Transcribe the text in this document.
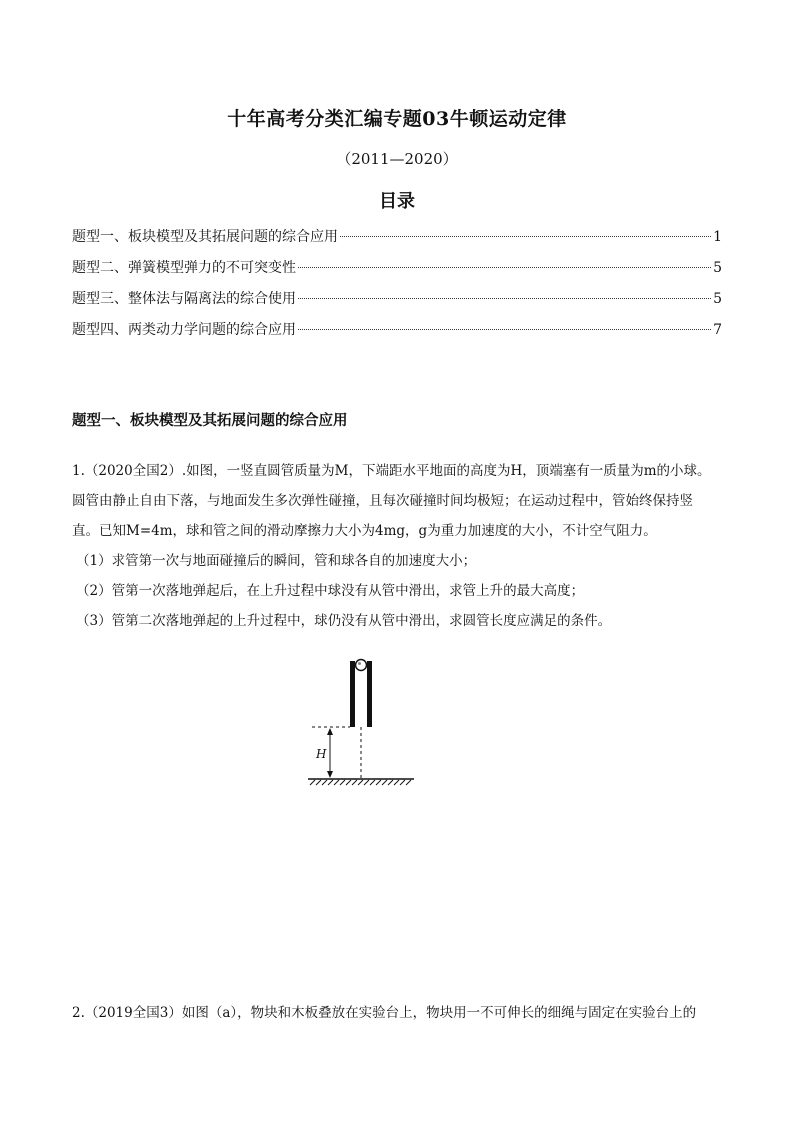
十年高考分类汇编专题03牛顿运动定律
（2011—2020）
目录
题型一、板块模型及其拓展问题的综合应用	1
题型二、弹簧模型弹力的不可突变性	5
题型三、整体法与隔离法的综合使用	5
题型四、两类动力学问题的综合应用	7
题型一、板块模型及其拓展问题的综合应用

1.（2020全国2）.如图，一竖直圆管质量为M，下端距水平地面的高度为H，顶端塞有一质量为m的小球。

圆管由静止自由下落，与地面发生多次弹性碰撞，且每次碰撞时间均极短；在运动过程中，管始终保持竖

直。已知M=4m，球和管之间的滑动摩擦力大小为4mg，g为重力加速度的大小，不计空气阻力。

（1）求管第一次与地面碰撞后的瞬间，管和球各自的加速度大小；

（2）管第一次落地弹起后，在上升过程中球没有从管中滑出，求管上升的最大高度；

（3）管第二次落地弹起的上升过程中，球仍没有从管中滑出，求圆管长度应满足的条件。

H

2.（2019全国3）如图（a），物块和木板叠放在实验台上，物块用一不可伸长的细绳与固定在实验台上的
